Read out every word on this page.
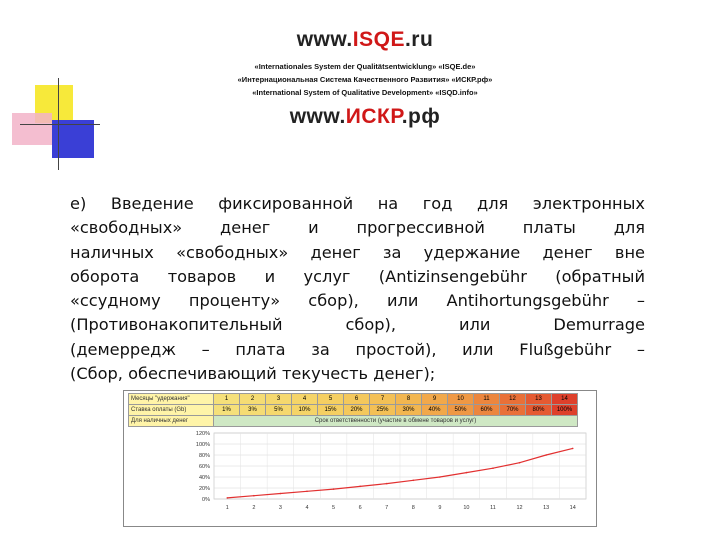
www.ISQE.ru
«Internationales System der Qualitätsentwicklung» «ISQE.de»
«Интернациональная Система Качественного Развития» «ИСКР.рф»
«International System of Qualitative Development» «ISQD.info»
www.ИСКР.рф
е) Введение фиксированной на год для электронных
«свободных» денег и прогрессивной платы для
наличных «свободных» денег за удержание денег вне
оборота товаров и услуг (Antizinsengebühr (обратный
«ссудному проценту» сбор), или Antihortungsgebühr –
(Противонакопительный сбор), или Demurrage
(демерредж – плата за простой), или Flußgebühr –

(Сбор, обеспечивающий текучесть денег);
Месяцы "удержания"	1	2	3	4	5	6	7	8	9	10	11	12	13	14
Ставка оплаты (Gb)	1%	3%	5%	10%	15%	20%	25%	30%	40%	50%	60%	70%	80%	100%
Для наличных денег	Срок ответственности (участие в обмене товаров и услуг)													
0%
20%
40%
60%
80%
100%
120%
1	2	3	4	5	6	7	8	9	10	11	12	13	14
